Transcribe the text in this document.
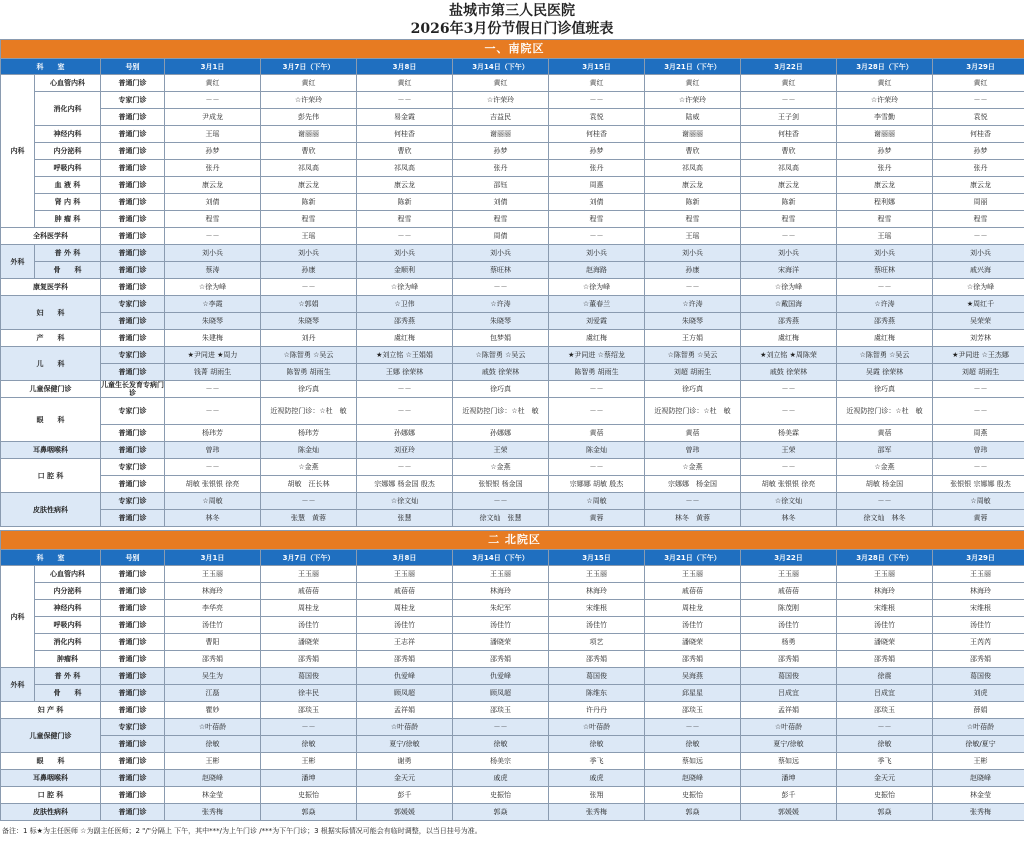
盐城市第三人民医院
2026年3月份节假日门诊值班表
一、南院区											
科　　室		号别	3月1日	3月7日（下午）	3月8日	3月14日（下午）	3月15日	3月21日（下午）	3月22日	3月28日（下午）	3月29日
内科	心血管内科	普通门诊	黄红	黄红	黄红	黄红	黄红	黄红	黄红	黄红	黄红
	消化内科	专家门诊	－－	☆许荣玲	－－	☆许荣玲	－－	☆许荣玲	－－	☆许荣玲	－－
		普通门诊	尹成龙	彭先伟	易金霞	吉益民	袁悦	陆威	王子剑	李雪勤	袁悦
	神经内科	普通门诊	王瑶	谢丽丽	何桂香	谢丽丽	何桂香	谢丽丽	何桂香	谢丽丽	何桂香
	内分泌科	普通门诊	孙梦	曹欣	曹欣	孙梦	孙梦	曹欣	曹欣	孙梦	孙梦
	呼吸内科	普通门诊	张丹	祁凤高	祁凤高	张丹	张丹	祁凤高	祁凤高	张丹	张丹
	血 液 科	普通门诊	康云龙	康云龙	康云龙	邵钰	周惠	康云龙	康云龙	康云龙	康云龙
	肾 内 科	普通门诊	刘倩	陈新	陈新	刘倩	刘倩	陈新	陈新	程利娜	周丽
	肿 瘤 科	普通门诊	程雪	程雪	程雪	程雪	程雪	程雪	程雪	程雪	程雪
全科医学科		普通门诊	－－	王瑶	－－	周倩	－－	王瑶	－－	王瑶	－－
外科	普 外 科	普通门诊	刘小兵	刘小兵	刘小兵	刘小兵	刘小兵	刘小兵	刘小兵	刘小兵	刘小兵
	骨　　科	普通门诊	蔡涛	孙康	金顺利	蔡旺林	赵海路	孙康	宋海洋	蔡旺林	戚兴海
康复医学科		普通门诊	☆徐为峰	－－	☆徐为峰	－－	☆徐为峰	－－	☆徐为峰	－－	☆徐为峰
妇　　科		专家门诊	☆李霞	☆郭娟	☆卫伟	☆许涛	☆董春兰	☆许涛	☆戴国海	☆许涛	★周红千
		普通门诊	朱晓琴	朱晓琴	邵秀燕	朱晓琴	刘爱霞	朱晓琴	邵秀燕	邵秀燕	吴荣荣
产　　科		普通门诊	朱建梅	刘丹	虞红梅	包梦娟	虞红梅	王方娟	虞红梅	虞红梅	刘芳林
儿　　科		专家门诊	★尹同进 ★周力	☆陈智勇 ☆吴云	★刘立铭 ☆王娟娟	☆陈智勇 ☆吴云	★尹同进 ☆蔡绍龙	☆陈智勇 ☆吴云	★刘立铭 ★周陈荣	☆陈智勇 ☆吴云	★尹同进 ☆王杰娜
		普通门诊	钱菁 胡雨生	陈智勇 胡雨生	王娜 徐荣林	戚鼓 徐荣林	陈智勇 胡雨生	刘超 胡雨生	戚鼓 徐荣林	吴霞 徐荣林	刘超 胡雨生
儿童保健门诊		儿童生长发育专病门诊	－－	徐巧真	－－	徐巧真	－－	徐巧真	－－	徐巧真	－－
眼　　科		专家门诊	－－	近视防控门诊：☆杜　敏	－－	近视防控门诊：☆杜　敏	－－	近视防控门诊：☆杜　敏	－－	近视防控门诊：☆杜　敏	－－
		普通门诊	杨玮芳	杨玮芳	孙娜娜	孙娜娜	黄蓓	黄蓓	杨美霖	黄蓓	周燕
耳鼻咽喉科		普通门诊	曾玮	陈金灿	刘亚玲	王荣	陈金灿	曾玮	王荣	邵军	曾玮
口 腔 科		专家门诊	－－	☆金燕	－－	☆金燕	－－	☆金燕	－－	☆金燕	－－
		普通门诊	胡敏 张银银 徐亮	胡敏　汪长林	宗娜娜 杨金国 殷杰	张银银 杨金国	宗娜娜 胡敏 殷杰	宗娜娜　杨金国	胡敏 张银银 徐亮	胡敏 杨金国	张银银 宗娜娜 殷杰
皮肤性病科		专家门诊	☆周敏	－－	☆徐文灿	－－	☆周敏	－－	☆徐文灿	－－	☆周敏
		普通门诊	林冬	张慧　黄蓉	张慧	徐文灿　张慧	黄蓉	林冬　黄蓉	林冬	徐文灿　林冬	黄蓉
二 北院区											
科　　室		号别	3月1日	3月7日（下午）	3月8日	3月14日（下午）	3月15日	3月21日（下午）	3月22日	3月28日（下午）	3月29日
内科	心血管内科	普通门诊	王玉丽	王玉丽	王玉丽	王玉丽	王玉丽	王玉丽	王玉丽	王玉丽	王玉丽
	内分泌科	普通门诊	林海玲	戚蓓蓓	戚蓓蓓	林海玲	林海玲	戚蓓蓓	戚蓓蓓	林海玲	林海玲
	神经内科	普通门诊	李华亮	周桂龙	周桂龙	朱纪军	宋维根	周桂龙	陈茂刚	宋维根	宋维根
	呼吸内科	普通门诊	汤佳竹	汤佳竹	汤佳竹	汤佳竹	汤佳竹	汤佳竹	汤佳竹	汤佳竹	汤佳竹
	消化内科	普通门诊	曹阳	潘晓荣	王志祥	潘晓荣	项艺	潘晓荣	杨勇	潘晓荣	王芮芮
	肿瘤科	普通门诊	邵秀娟	邵秀娟	邵秀娟	邵秀娟	邵秀娟	邵秀娟	邵秀娟	邵秀娟	邵秀娟
外科	普 外 科	普通门诊	吴生为	葛国俊	仇爱峰	仇爱峰	葛国俊	吴海燕	葛国俊	徐震	葛国俊
	骨　　科	普通门诊	江磊	徐丰民	顾凤超	顾凤超	陈维东	邱星星	吕成宜	吕成宜	刘虎
妇 产 科		普通门诊	瞿妙	邵琰玉	孟祥娟	邵琰玉	许丹丹	邵琰玉	孟祥娟	邵琰玉	薛娟
儿童保健门诊		专家门诊	☆叶蓓龄	－－	☆叶蓓龄	－－	☆叶蓓龄	－－	☆叶蓓龄	－－	☆叶蓓龄
		普通门诊	徐敏	徐敏	夏宁/徐敏	徐敏	徐敏	徐敏	夏宁/徐敏	徐敏	徐敏/夏宁
眼　　科		普通门诊	王彬	王彬	谢勇	杨美宗	季飞	蔡如远	蔡如远	季飞	王彬
耳鼻咽喉科		普通门诊	赵晓峰	潘坤	金天元	戚虎	戚虎	赵晓峰	潘坤	金天元	赵晓峰
口 腔 科		普通门诊	林金莹	史振怡	彭千	史振怡	张翔	史振怡	彭千	史振怡	林金莹
皮肤性病科		普通门诊	张秀梅	郭焱	郭媛媛	郭焱	张秀梅	郭焱	郭媛媛	郭焱	张秀梅
备注：1 标★为主任医师 ☆为副主任医师；2 "/"分隔上 下午，其中***/为上午门诊 /***为下午门诊；3 根据实际情况可能会有临时调整，以当日挂号为准。
